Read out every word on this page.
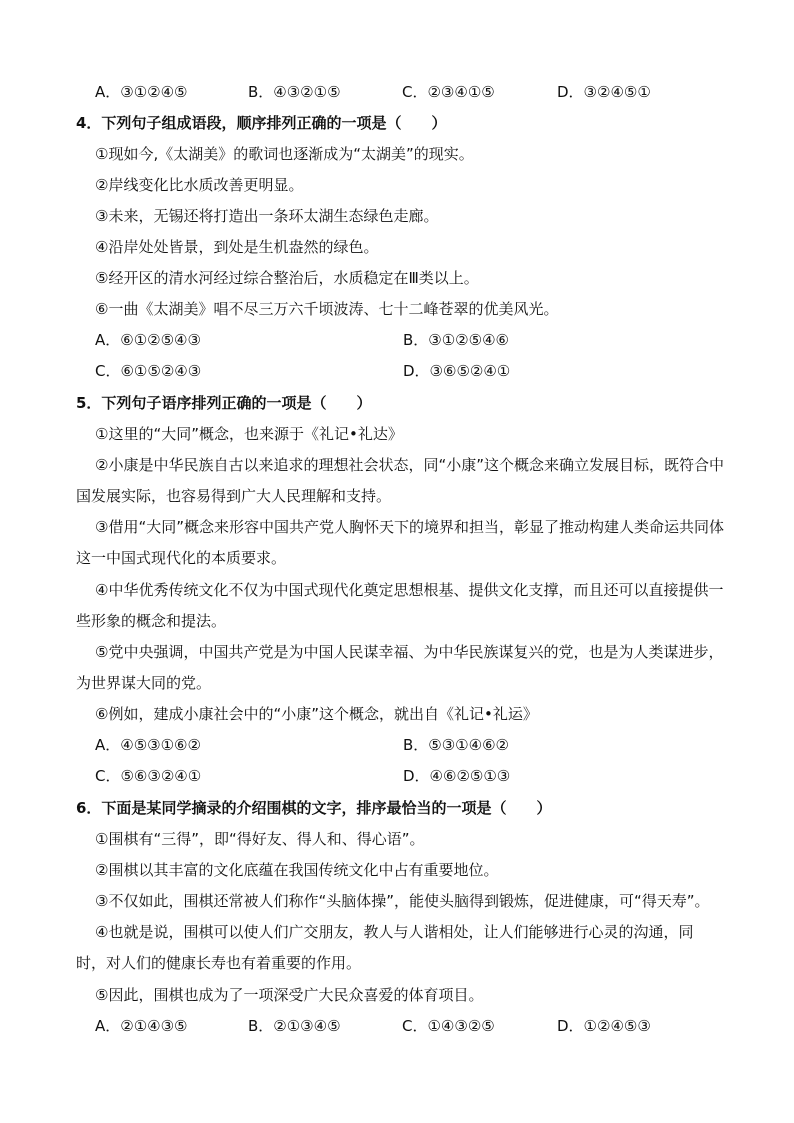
A．③①②④⑤	B．④③②①⑤	C．②③④①⑤	D．③②④⑤①
4．下列句子组成语段，顺序排列正确的一项是（　　）
①现如今,《太湖美》的歌词也逐渐成为“太湖美”的现实。
②岸线变化比水质改善更明显。
③未来，无锡还将打造出一条环太湖生态绿色走廊。
④沿岸处处皆景，到处是生机盎然的绿色。
⑤经开区的清水河经过综合整治后，水质稳定在Ⅲ类以上。
⑥一曲《太湖美》唱不尽三万六千顷波涛、七十二峰苍翠的优美风光。
A．⑥①②⑤④③	B．③①②⑤④⑥
C．⑥①⑤②④③	D．③⑥⑤②④①
5．下列句子语序排列正确的一项是（　　）
①这里的“大同”概念，也来源于《礼记•礼达》
②小康是中华民族自古以来追求的理想社会状态，同“小康”这个概念来确立发展目标，既符合中
国发展实际，也容易得到广大人民理解和支持。
③借用“大同”概念来形容中国共产党人胸怀天下的境界和担当，彰显了推动构建人类命运共同体
这一中国式现代化的本质要求。
④中华优秀传统文化不仅为中国式现代化奠定思想根基、提供文化支撑，而且还可以直接提供一
些形象的概念和提法。
⑤党中央强调，中国共产党是为中国人民谋幸福、为中华民族谋复兴的党，也是为人类谋进步，
为世界谋大同的党。
⑥例如，建成小康社会中的“小康”这个概念，就出自《礼记•礼运》
A．④⑤③①⑥②	B．⑤③①④⑥②
C．⑤⑥③②④①	D．④⑥②⑤①③
6．下面是某同学摘录的介绍围棋的文字，排序最恰当的一项是（　　）
①围棋有“三得”，即“得好友、得人和、得心语”。
②围棋以其丰富的文化底蕴在我国传统文化中占有重要地位。
③不仅如此，围棋还常被人们称作“头脑体操”，能使头脑得到锻炼，促进健康，可“得天寿”。
④也就是说，围棋可以使人们广交朋友，教人与人谐相处，让人们能够进行心灵的沟通，同
时，对人们的健康长寿也有着重要的作用。
⑤因此，围棋也成为了一项深受广大民众喜爱的体育项目。
A．②①④③⑤	B．②①③④⑤	C．①④③②⑤	D．①②④⑤③
